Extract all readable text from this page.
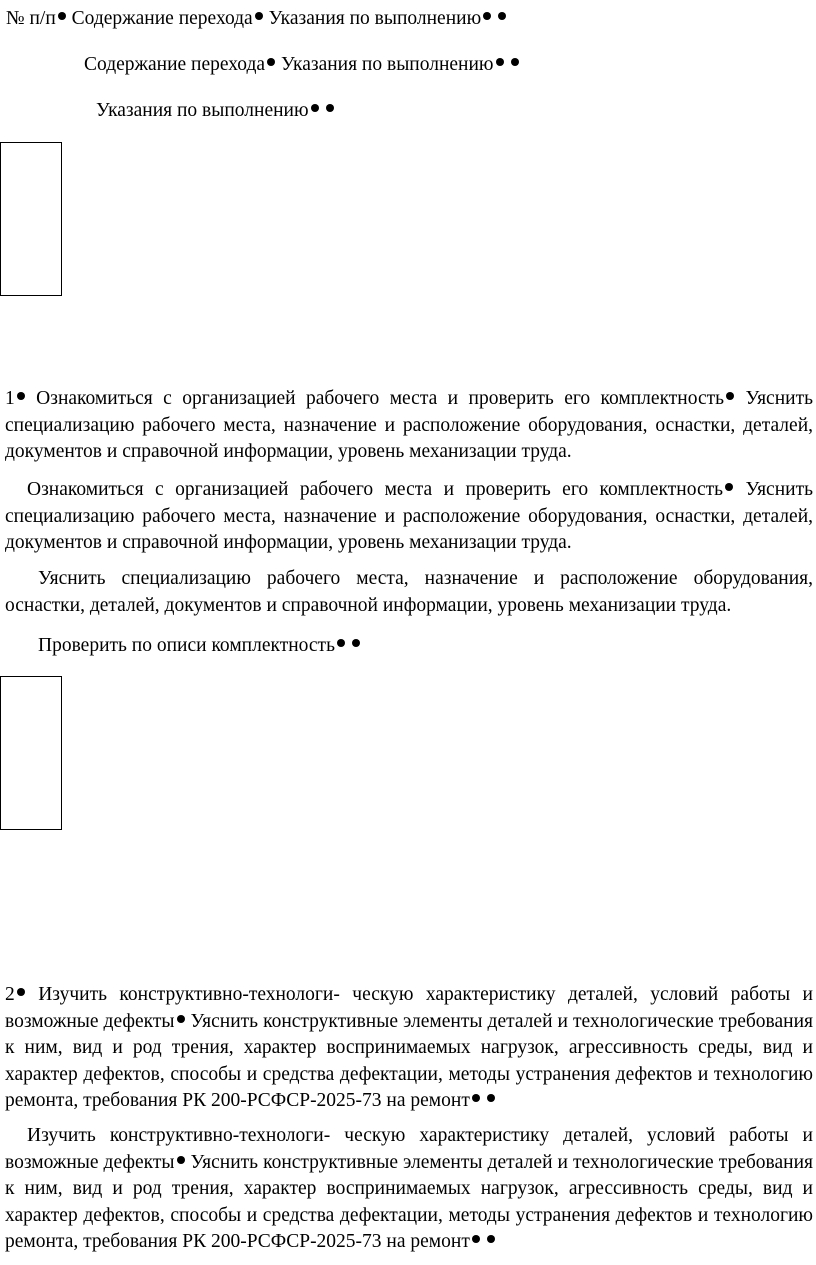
№ п/п Содержание перехода Указания по выполнению
Содержание перехода Указания по выполнению
Указания по выполнению
1 Ознакомиться с организацией рабочего места и проверить его комплектность Уяснить специализацию рабочего места, назначение и расположение оборудования, оснастки, деталей, документов и справочной информации, уровень механизации труда.
Ознакомиться с организацией рабочего места и проверить его комплектность Уяснить специализацию рабочего места, назначение и расположение оборудования, оснастки, деталей, документов и справочной информации, уровень механизации труда.
Уяснить специализацию рабочего места, назначение и расположение оборудования, оснастки, деталей, документов и справочной информации, уровень механизации труда.
Проверить по описи комплектность
2 Изучить конструктивно-технологи- ческую характеристику деталей, условий работы и возможные дефекты Уяснить конструктивные элементы деталей и технологические требования к ним, вид и род трения, характер воспринимаемых нагрузок, агрессивность среды, вид и характер дефектов, способы и средства дефектации, методы устранения дефектов и технологию ремонта, требования РК 200-РСФСР-2025-73 на ремонт
Изучить конструктивно-технологи- ческую характеристику деталей, условий работы и возможные дефекты Уяснить конструктивные элементы деталей и технологические требования к ним, вид и род трения, характер воспринимаемых нагрузок, агрессивность среды, вид и характер дефектов, способы и средства дефектации, методы устранения дефектов и технологию ремонта, требования РК 200-РСФСР-2025-73 на ремонт
